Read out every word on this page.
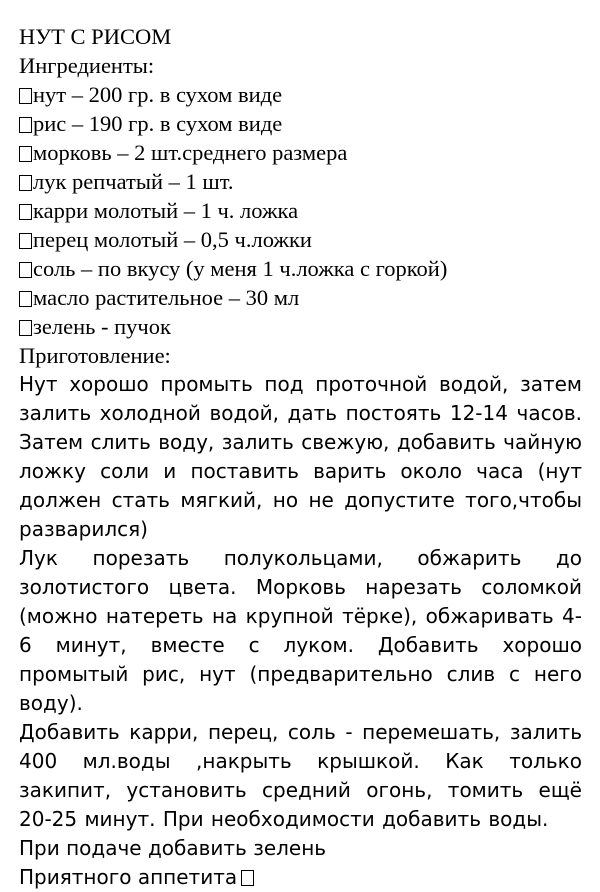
НУТ С РИСОМ
Ингредиенты:
нут – 200 гр. в сухом виде
рис – 190 гр. в сухом виде
морковь – 2 шт.среднего размера
лук репчатый – 1 шт.
карри молотый – 1 ч. ложка
перец молотый – 0,5 ч.ложки
соль – по вкусу (у меня 1 ч.ложка с горкой)
масло растительное – 30 мл
зелень - пучок
Приготовление:

Нут хорошо промыть под проточной водой, затем залить холодной водой, дать постоять 12-14 часов. Затем слить воду, залить свежую, добавить чайную ложку соли и поставить варить около часа (нут должен стать мягкий, но не допустите того,чтобы разварился)

Лук порезать полукольцами, обжарить до золотистого цвета. Морковь нарезать соломкой (можно натереть на крупной тёрке), обжаривать 4-6 минут, вместе с луком. Добавить хорошо промытый рис, нут (предварительно слив с него воду).

Добавить карри, перец, соль - перемешать, залить 400 мл.воды ,накрыть крышкой. Как только закипит, установить средний огонь, томить ещё 20-25 минут. При необходимости добавить воды.

При подаче добавить зелень

Приятного аппетита
